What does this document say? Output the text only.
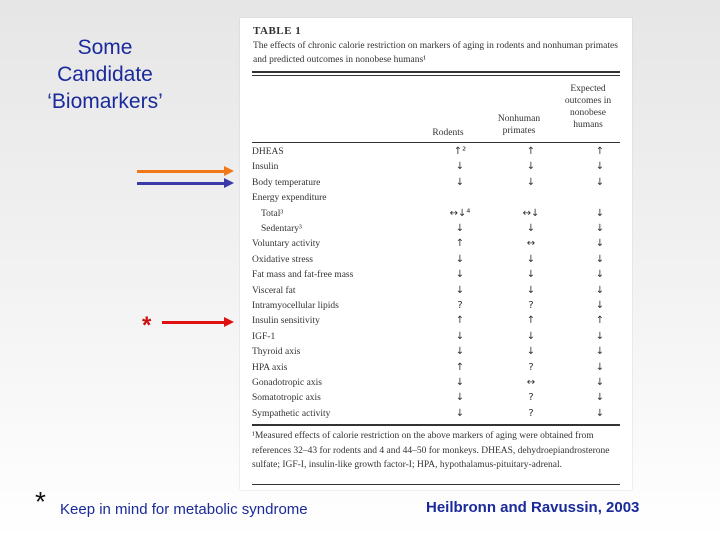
Some
Candidate
‘Biomarkers’
*
TABLE 1
The effects of chronic calorie restriction on markers of aging in rodents and nonhuman primates and predicted outcomes in nonobese humans¹
Rodents
Nonhuman primates
Expected outcomes in nonobese humans
DHEAS	↑²	↑	↑
Insulin	↓	↓	↓
Body temperature	↓	↓	↓
Energy expenditure
Total³	↔↓⁴	↔↓	↓
Sedentary³	↓	↓	↓
Voluntary activity	↑	↔	↓
Oxidative stress	↓	↓	↓
Fat mass and fat-free mass	↓	↓	↓
Visceral fat	↓	↓	↓
Intramyocellular lipids	?	?	↓
Insulin sensitivity	↑	↑	↑
IGF-1	↓	↓	↓
Thyroid axis	↓	↓	↓
HPA axis	↑	?	↓
Gonadotropic axis	↓	↔	↓
Somatotropic axis	↓	?	↓
Sympathetic activity	↓	?	↓
¹Measured effects of calorie restriction on the above markers of aging were obtained from references 32–43 for rodents and 4 and 44–50 for monkeys. DHEAS, dehydroepiandrosterone sulfate; IGF-I, insulin-like growth factor-I; HPA, hypothalamus-pituitary-adrenal.
* Keep in mind for metabolic syndrome	Heilbronn and Ravussin, 2003
